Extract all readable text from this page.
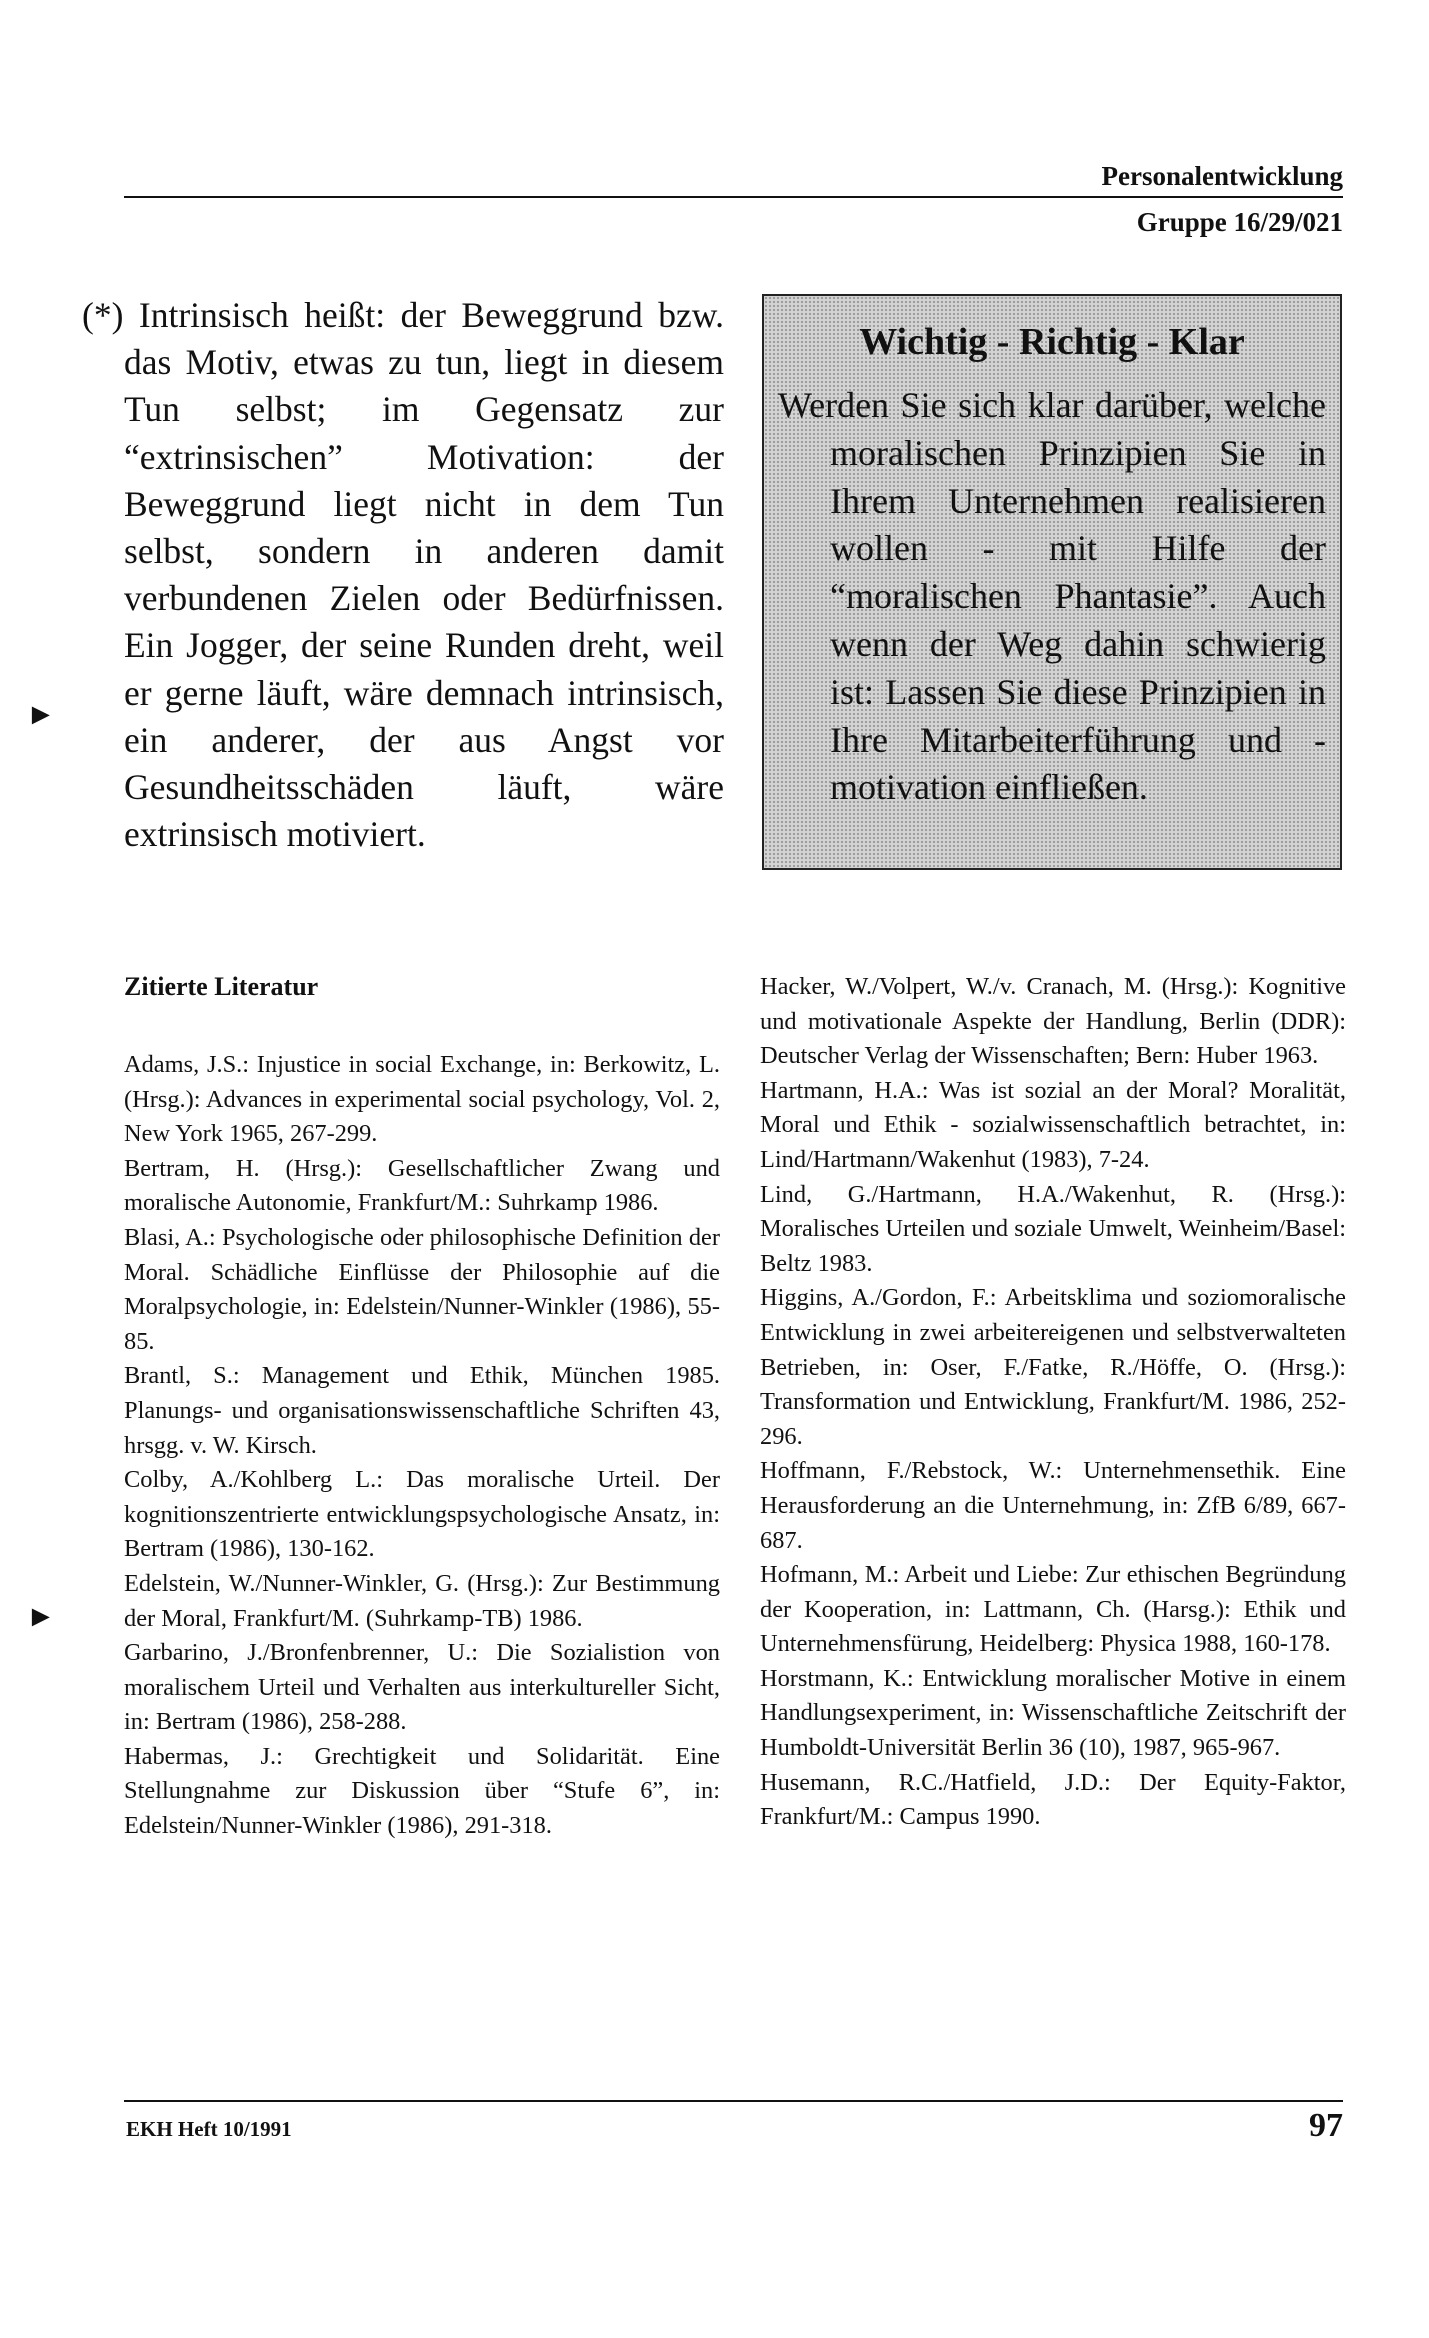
Personalentwicklung
Gruppe 16/29/021
(*) Intrinsisch heißt: der Beweggrund bzw. das Motiv, etwas zu tun, liegt in diesem Tun selbst; im Gegensatz zur “extrinsischen” Motivation: der Beweggrund liegt nicht in dem Tun selbst, sondern in anderen damit verbundenen Zielen oder Bedürfnissen. Ein Jogger, der seine Runden dreht, weil er gerne läuft, wäre demnach intrinsisch, ein anderer, der aus Angst vor Gesundheitsschäden läuft, wäre extrinsisch motiviert.
►
►
Wichtig - Richtig - Klar
Werden Sie sich klar darüber, welche moralischen Prinzipien Sie in Ihrem Unternehmen realisieren wollen - mit Hilfe der “moralischen Phantasie”. Auch wenn der Weg dahin schwierig ist: Lassen Sie diese Prinzipien in Ihre Mitarbeiterführung und -motivation einfließen.
Zitierte Literatur

Adams, J.S.: Injustice in social Exchange, in: Berkowitz, L. (Hrsg.): Advances in experimental social psychology, Vol. 2, New York 1965, 267-299.

Bertram, H. (Hrsg.): Gesellschaftlicher Zwang und moralische Autonomie, Frankfurt/M.: Suhrkamp 1986.

Blasi, A.: Psychologische oder philosophische Definition der Moral. Schädliche Einflüsse der Philosophie auf die Moralpsychologie, in: Edelstein/Nunner-Winkler (1986), 55-85.

Brantl, S.: Management und Ethik, München 1985. Planungs- und organisationswissenschaftliche Schriften 43, hrsgg. v. W. Kirsch.

Colby, A./Kohlberg L.: Das moralische Urteil. Der kognitionszentrierte entwicklungspsychologische Ansatz, in: Bertram (1986), 130-162.

Edelstein, W./Nunner-Winkler, G. (Hrsg.): Zur Bestimmung der Moral, Frankfurt/M. (Suhrkamp-TB) 1986.

Garbarino, J./Bronfenbrenner, U.: Die Sozialistion von moralischem Urteil und Verhalten aus interkultureller Sicht, in: Bertram (1986), 258-288.

Habermas, J.: Grechtigkeit und Solidarität. Eine Stellungnahme zur Diskussion über “Stufe 6”, in: Edelstein/Nunner-Winkler (1986), 291-318.

Hacker, W./Volpert, W./v. Cranach, M. (Hrsg.): Kognitive und motivationale Aspekte der Handlung, Berlin (DDR): Deutscher Verlag der Wissenschaften; Bern: Huber 1963.

Hartmann, H.A.: Was ist sozial an der Moral? Moralität, Moral und Ethik - sozialwissenschaftlich betrachtet, in: Lind/Hartmann/Wakenhut (1983), 7-24.

Lind, G./Hartmann, H.A./Wakenhut, R. (Hrsg.): Moralisches Urteilen und soziale Umwelt, Weinheim/Basel: Beltz 1983.

Higgins, A./Gordon, F.: Arbeitsklima und soziomoralische Entwicklung in zwei arbeitereigenen und selbstverwalteten Betrieben, in: Oser, F./Fatke, R./Höffe, O. (Hrsg.): Transformation und Entwicklung, Frankfurt/M. 1986, 252-296.

Hoffmann, F./Rebstock, W.: Unternehmensethik. Eine Herausforderung an die Unternehmung, in: ZfB 6/89, 667-687.

Hofmann, M.: Arbeit und Liebe: Zur ethischen Begründung der Kooperation, in: Lattmann, Ch. (Harsg.): Ethik und Unternehmensfürung, Heidelberg: Physica 1988, 160-178.

Horstmann, K.: Entwicklung moralischer Motive in einem Handlungsexperiment, in: Wissenschaftliche Zeitschrift der Humboldt-Universität Berlin 36 (10), 1987, 965-967.

Husemann, R.C./Hatfield, J.D.: Der Equity-Faktor, Frankfurt/M.: Campus 1990.

EKH Heft 10/1991	97
